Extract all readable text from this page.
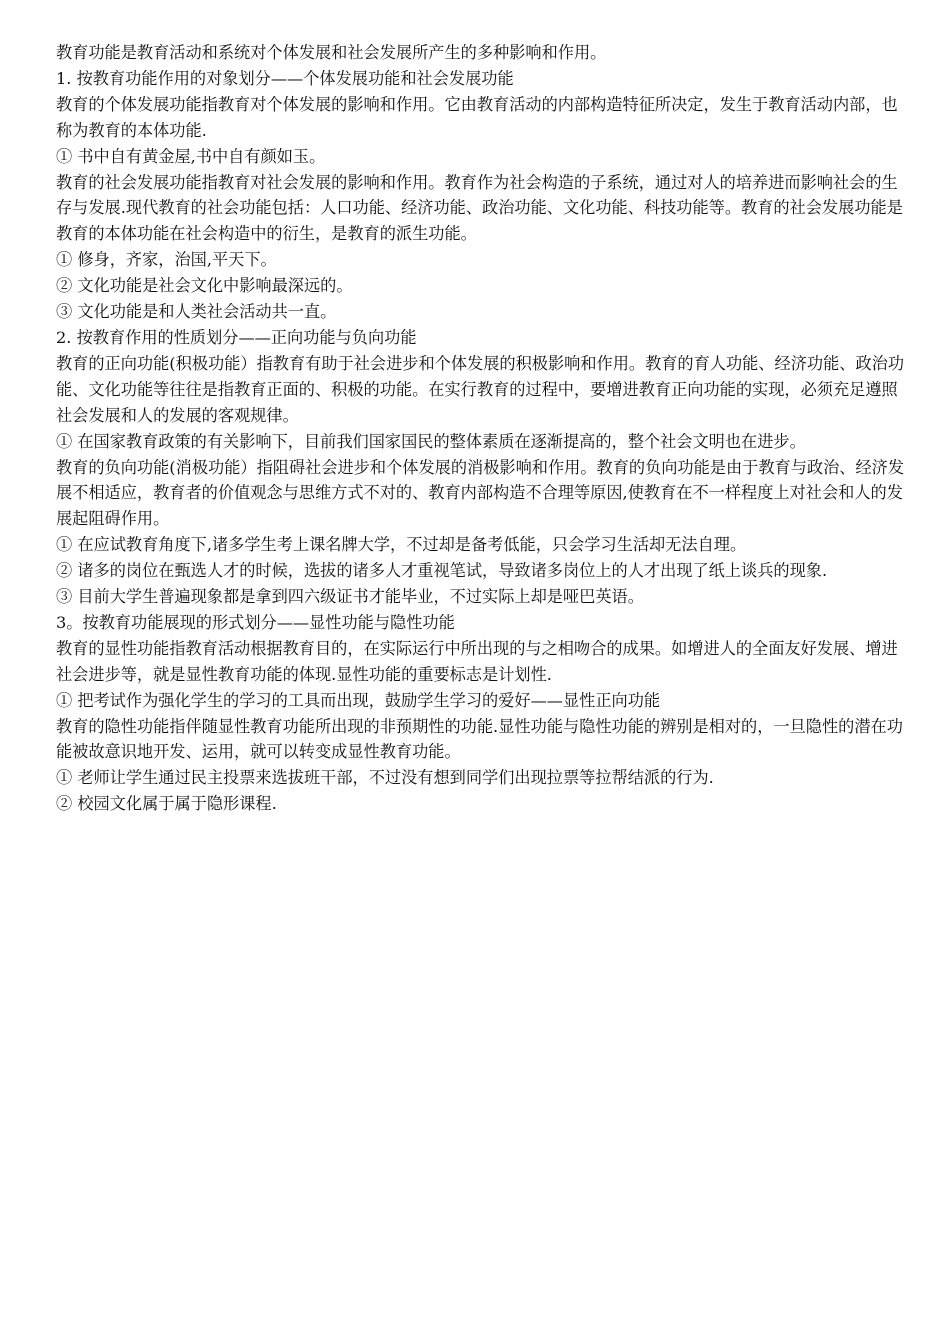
教育功能是教育活动和系统对个体发展和社会发展所产生的多种影响和作用。

1. 按教育功能作用的对象划分——个体发展功能和社会发展功能

教育的个体发展功能指教育对个体发展的影响和作用。它由教育活动的内部构造特征所决定，发生于教育活动内部，也称为教育的本体功能.

① 书中自有黄金屋,书中自有颜如玉。

教育的社会发展功能指教育对社会发展的影响和作用。教育作为社会构造的子系统，通过对人的培养进而影响社会的生存与发展.现代教育的社会功能包括：人口功能、经济功能、政治功能、文化功能、科技功能等。教育的社会发展功能是教育的本体功能在社会构造中的衍生，是教育的派生功能。

① 修身，齐家，治国,平天下。

② 文化功能是社会文化中影响最深远的。

③ 文化功能是和人类社会活动共一直。

2. 按教育作用的性质划分——正向功能与负向功能

教育的正向功能(积极功能）指教育有助于社会进步和个体发展的积极影响和作用。教育的育人功能、经济功能、政治功能、文化功能等往往是指教育正面的、积极的功能。在实行教育的过程中，要增进教育正向功能的实现，必须充足遵照社会发展和人的发展的客观规律。

① 在国家教育政策的有关影响下，目前我们国家国民的整体素质在逐渐提高的，整个社会文明也在进步。

教育的负向功能(消极功能）指阻碍社会进步和个体发展的消极影响和作用。教育的负向功能是由于教育与政治、经济发展不相适应，教育者的价值观念与思维方式不对的、教育内部构造不合理等原因,使教育在不一样程度上对社会和人的发展起阻碍作用。

① 在应试教育角度下,诸多学生考上课名牌大学，不过却是备考低能，只会学习生活却无法自理。

② 诸多的岗位在甄选人才的时候，选拔的诸多人才重视笔试，导致诸多岗位上的人才出现了纸上谈兵的现象.

③ 目前大学生普遍现象都是拿到四六级证书才能毕业，不过实际上却是哑巴英语。

3。按教育功能展现的形式划分——显性功能与隐性功能

教育的显性功能指教育活动根据教育目的，在实际运行中所出现的与之相吻合的成果。如增进人的全面友好发展、增进社会进步等，就是显性教育功能的体现.显性功能的重要标志是计划性.

① 把考试作为强化学生的学习的工具而出现，鼓励学生学习的爱好——显性正向功能

教育的隐性功能指伴随显性教育功能所出现的非预期性的功能.显性功能与隐性功能的辨别是相对的，一旦隐性的潜在功能被故意识地开发、运用，就可以转变成显性教育功能。

① 老师让学生通过民主投票来选拔班干部，不过没有想到同学们出现拉票等拉帮结派的行为.

② 校园文化属于属于隐形课程.
